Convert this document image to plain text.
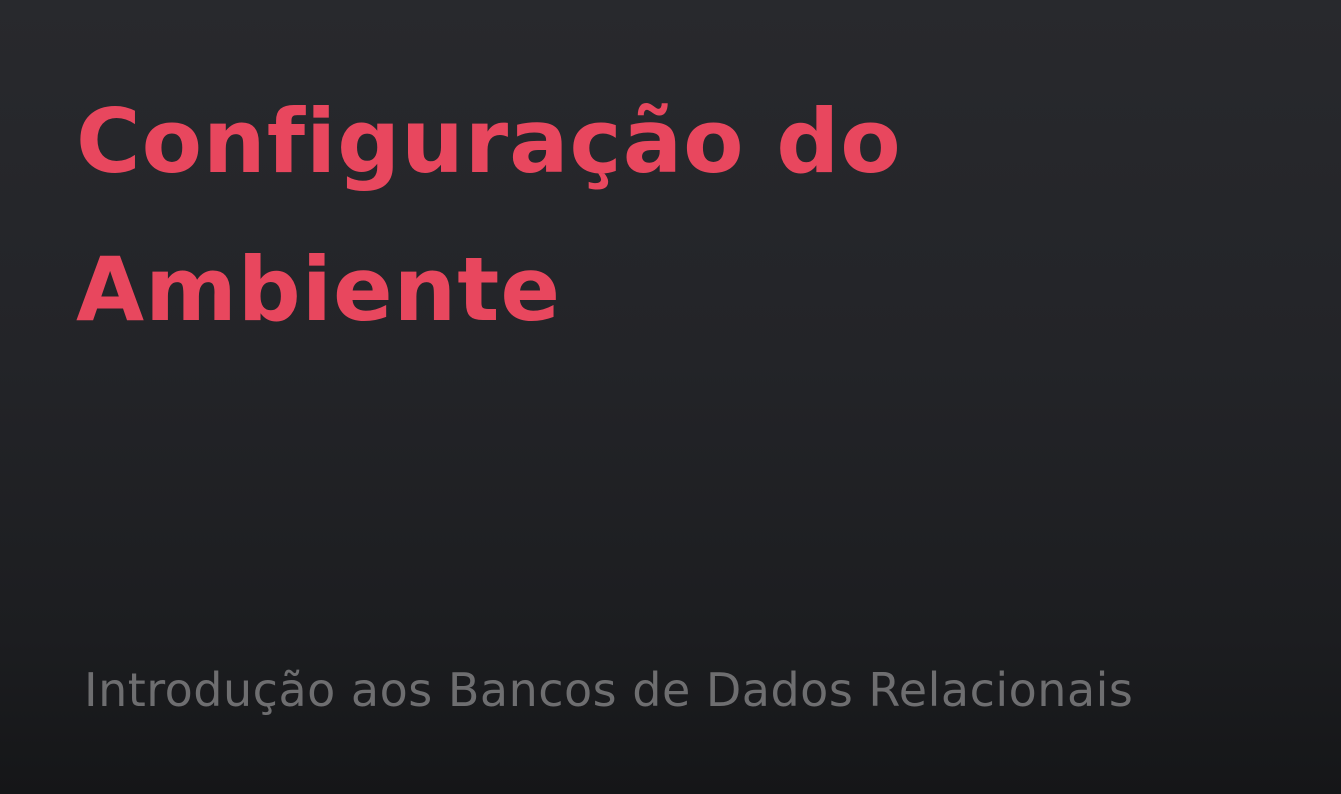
Configuração do
Ambiente

Introdução aos Bancos de Dados Relacionais
